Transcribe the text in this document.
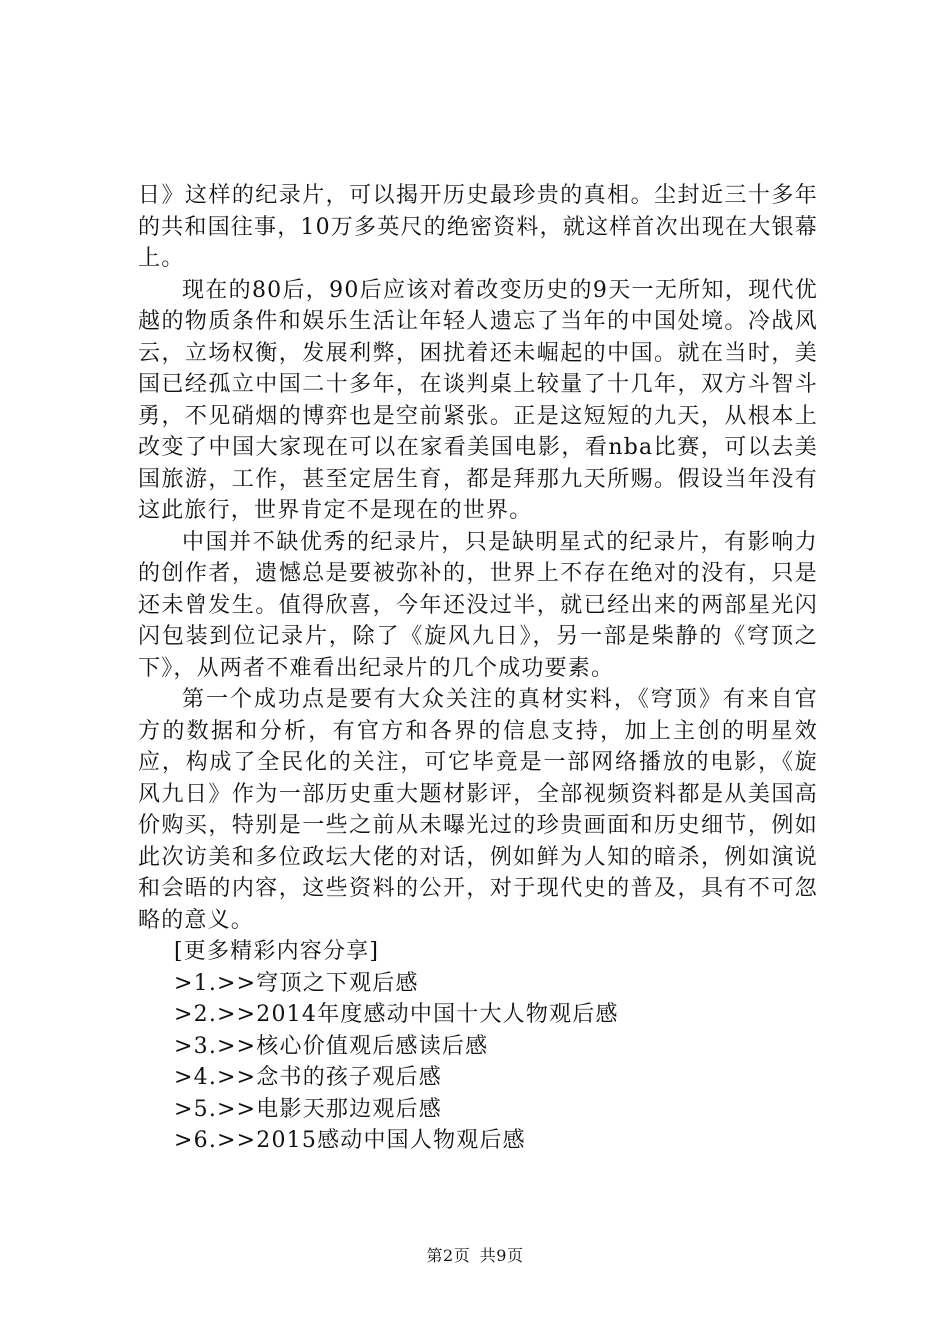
日》这样的纪录片，可以揭开历史最珍贵的真相。尘封近三十多年的共和国往事，10万多英尺的绝密资料，就这样首次出现在大银幕上。

现在的80后，90后应该对着改变历史的9天一无所知，现代优越的物质条件和娱乐生活让年轻人遗忘了当年的中国处境。冷战风云，立场权衡，发展利弊，困扰着还未崛起的中国。就在当时，美国已经孤立中国二十多年，在谈判桌上较量了十几年，双方斗智斗勇，不见硝烟的博弈也是空前紧张。正是这短短的九天，从根本上改变了中国大家现在可以在家看美国电影，看nba比赛，可以去美国旅游，工作，甚至定居生育，都是拜那九天所赐。假设当年没有这此旅行，世界肯定不是现在的世界。

中国并不缺优秀的纪录片，只是缺明星式的纪录片，有影响力的创作者，遗憾总是要被弥补的，世界上不存在绝对的没有，只是还未曾发生。值得欣喜，今年还没过半，就已经出来的两部星光闪闪包装到位记录片，除了《旋风九日》，另一部是柴静的《穹顶之下》，从两者不难看出纪录片的几个成功要素。

第一个成功点是要有大众关注的真材实料，《穹顶》有来自官方的数据和分析，有官方和各界的信息支持，加上主创的明星效应，构成了全民化的关注，可它毕竟是一部网络播放的电影，《旋风九日》作为一部历史重大题材影评，全部视频资料都是从美国高价购买，特别是一些之前从未曝光过的珍贵画面和历史细节，例如此次访美和多位政坛大佬的对话，例如鲜为人知的暗杀，例如演说和会晤的内容，这些资料的公开，对于现代史的普及，具有不可忽略的意义。

[更多精彩内容分享]
>1.>>穹顶之下观后感
>2.>>2014年度感动中国十大人物观后感
>3.>>核心价值观后感读后感
>4.>>念书的孩子观后感
>5.>>电影天那边观后感
>6.>>2015感动中国人物观后感
第2页 共9页
